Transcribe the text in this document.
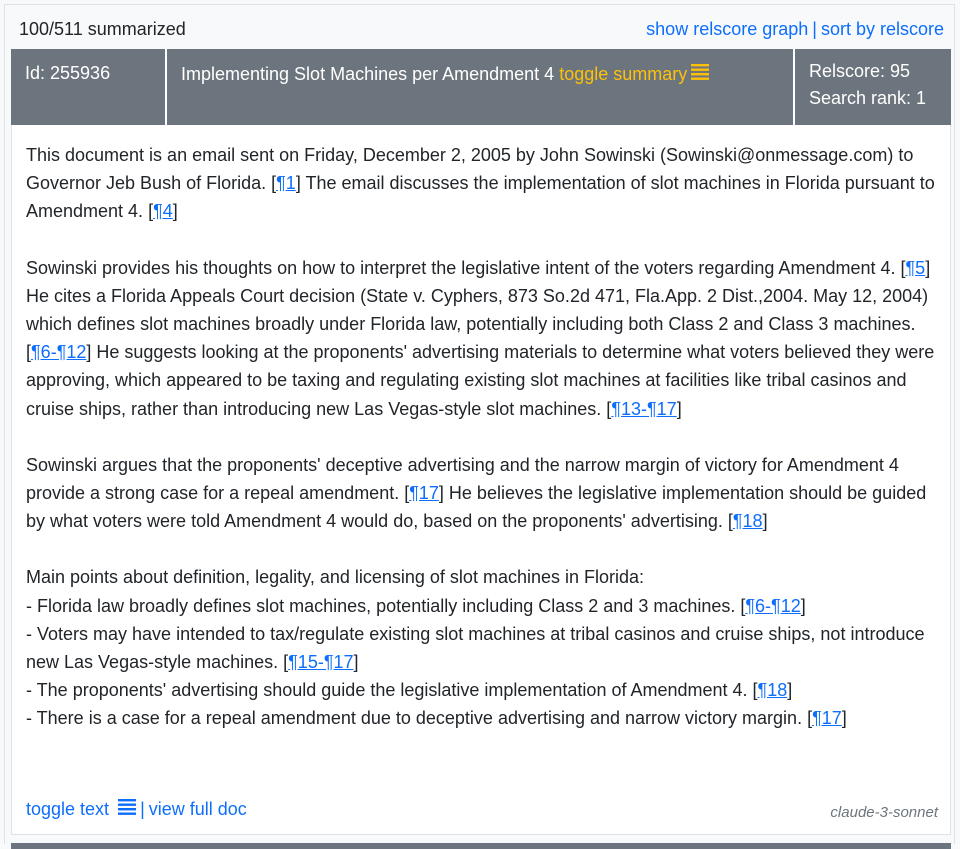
100/511 summarized	show relscore graph | sort by relscore
Id: 255936	Implementing Slot Machines per Amendment 4 toggle summary	Relscore: 95
Search rank: 1

This document is an email sent on Friday, December 2, 2005 by John Sowinski (Sowinski@onmessage.com) to Governor Jeb Bush of Florida. [¶1] The email discusses the implementation of slot machines in Florida pursuant to Amendment 4. [¶4]

Sowinski provides his thoughts on how to interpret the legislative intent of the voters regarding Amendment 4. [¶5] He cites a Florida Appeals Court decision (State v. Cyphers, 873 So.2d 471, Fla.App. 2 Dist.,2004. May 12, 2004) which defines slot machines broadly under Florida law, potentially including both Class 2 and Class 3 machines. [¶6-¶12] He suggests looking at the proponents' advertising materials to determine what voters believed they were approving, which appeared to be taxing and regulating existing slot machines at facilities like tribal casinos and cruise ships, rather than introducing new Las Vegas-style slot machines. [¶13-¶17]

Sowinski argues that the proponents' deceptive advertising and the narrow margin of victory for Amendment 4 provide a strong case for a repeal amendment. [¶17] He believes the legislative implementation should be guided by what voters were told Amendment 4 would do, based on the proponents' advertising. [¶18]

Main points about definition, legality, and licensing of slot machines in Florida:
- Florida law broadly defines slot machines, potentially including Class 2 and 3 machines. [¶6-¶12]
- Voters may have intended to tax/regulate existing slot machines at tribal casinos and cruise ships, not introduce new Las Vegas-style machines. [¶15-¶17]
- The proponents' advertising should guide the legislative implementation of Amendment 4. [¶18]
- There is a case for a repeal amendment due to deceptive advertising and narrow victory margin. [¶17]

toggle text | view full doc	claude-3-sonnet
